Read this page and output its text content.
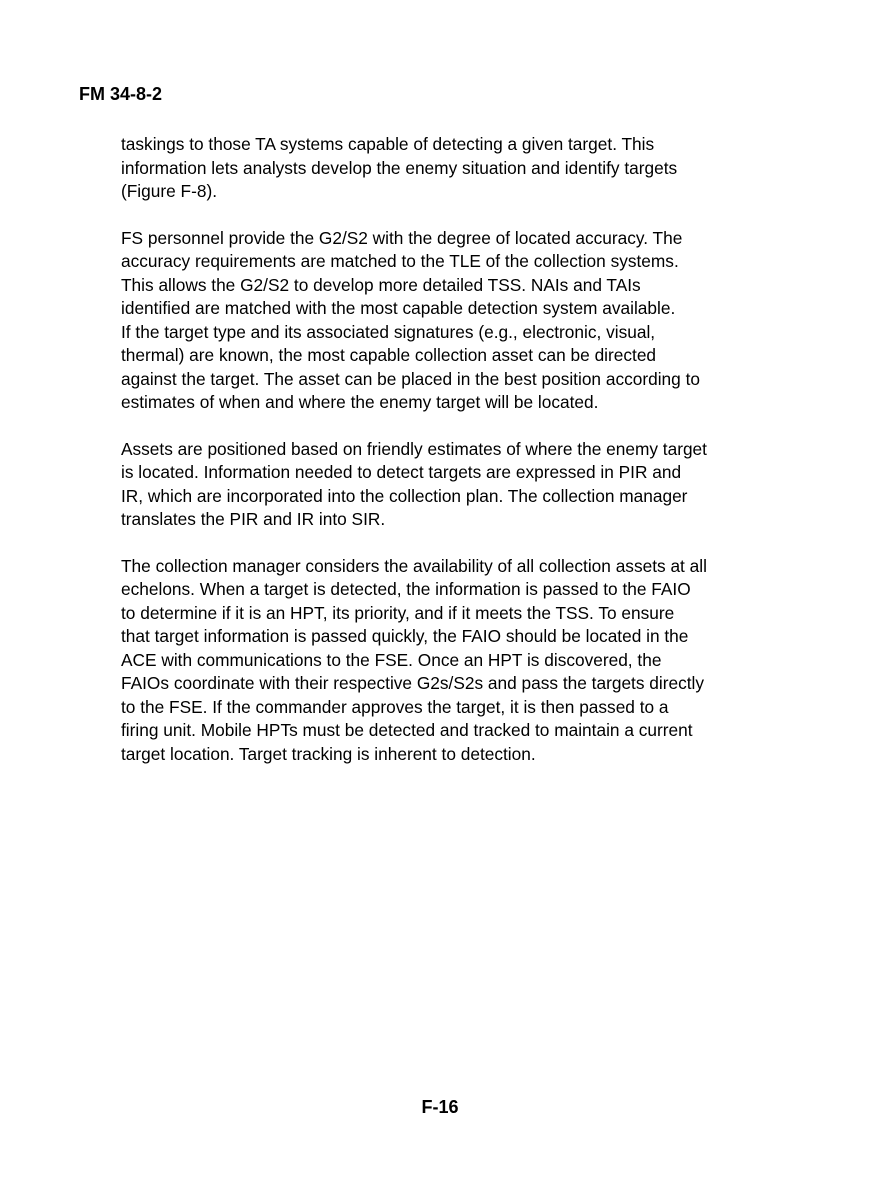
FM 34-8-2

taskings to those TA systems capable of detecting a given target. This
information lets analysts develop the enemy situation and identify targets
(Figure F-8).

FS personnel provide the G2/S2 with the degree of located accuracy. The
accuracy requirements are matched to the TLE of the collection systems.
This allows the G2/S2 to develop more detailed TSS. NAIs and TAIs
identified are matched with the most capable detection system available.
If the target type and its associated signatures (e.g., electronic, visual,
thermal) are known, the most capable collection asset can be directed
against the target. The asset can be placed in the best position according to
estimates of when and where the enemy target will be located.

Assets are positioned based on friendly estimates of where the enemy target
is located. Information needed to detect targets are expressed in PIR and
IR, which are incorporated into the collection plan. The collection manager
translates the PIR and IR into SIR.

The collection manager considers the availability of all collection assets at all
echelons. When a target is detected, the information is passed to the FAIO
to determine if it is an HPT, its priority, and if it meets the TSS. To ensure
that target information is passed quickly, the FAIO should be located in the
ACE with communications to the FSE. Once an HPT is discovered, the
FAIOs coordinate with their respective G2s/S2s and pass the targets directly
to the FSE. If the commander approves the target, it is then passed to a
firing unit. Mobile HPTs must be detected and tracked to maintain a current
target location. Target tracking is inherent to detection.

F-16
